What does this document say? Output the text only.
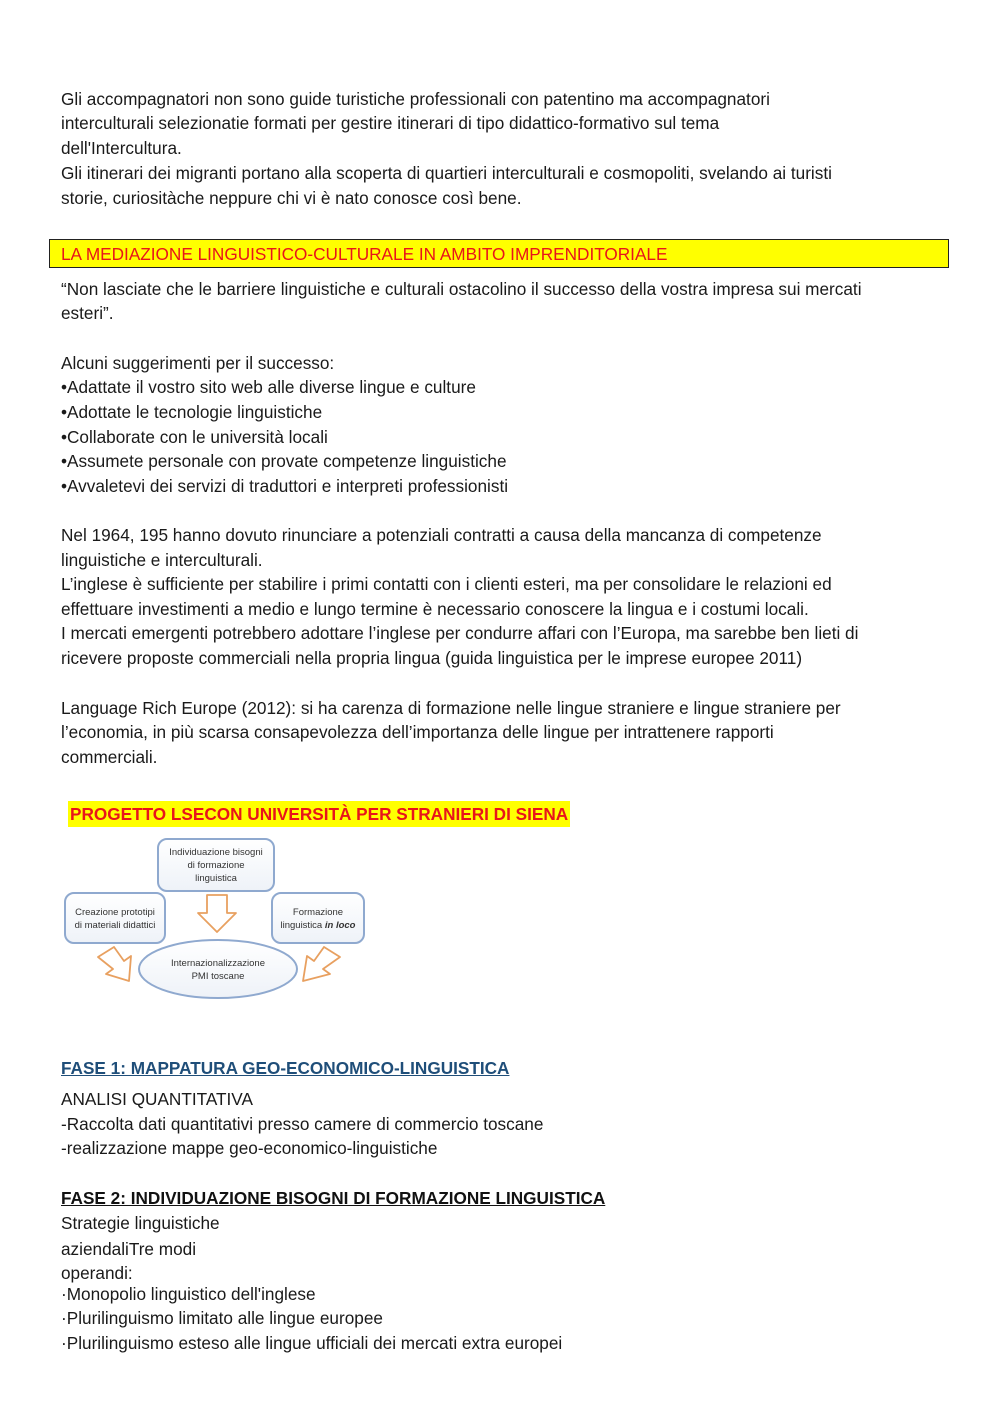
Gli accompagnatori non sono guide turistiche professionali con patentino ma accompagnatori
interculturali selezionatie formati per gestire itinerari di tipo didattico-formativo sul tema
dell'Intercultura.
Gli itinerari dei migranti portano alla scoperta di quartieri interculturali e cosmopoliti, svelando ai turisti
storie, curiositàche neppure chi vi è nato conosce così bene.
LA MEDIAZIONE LINGUISTICO-CULTURALE IN AMBITO IMPRENDITORIALE
“Non lasciate che le barriere linguistiche e culturali ostacolino il successo della vostra impresa sui mercati
esteri”.
Alcuni suggerimenti per il successo:
•Adattate il vostro sito web alle diverse lingue e culture
•Adottate le tecnologie linguistiche
•Collaborate con le università locali
•Assumete personale con provate competenze linguistiche
•Avvaletevi dei servizi di traduttori e interpreti professionisti
Nel 1964, 195 hanno dovuto rinunciare a potenziali contratti a causa della mancanza di competenze
linguistiche e interculturali.
L’inglese è sufficiente per stabilire i primi contatti con i clienti esteri, ma per consolidare le relazioni ed
effettuare investimenti a medio e lungo termine è necessario conoscere la lingua e i costumi locali.
I mercati emergenti potrebbero adottare l’inglese per condurre affari con l’Europa, ma sarebbe ben lieti di
ricevere proposte commerciali nella propria lingua (guida linguistica per le imprese europee 2011)
Language Rich Europe (2012): si ha carenza di formazione nelle lingue straniere e lingue straniere per
l’economia, in più scarsa consapevolezza dell’importanza delle lingue per intrattenere rapporti
commerciali.
PROGETTO LSECON UNIVERSITÀ PER STRANIERI DI SIENA
Individuazione bisogni
di formazione
linguistica
Creazione prototipi
di materiali didattici
Formazione
linguistica in loco
Internazionalizzazione
PMI toscane
FASE 1: MAPPATURA GEO-ECONOMICO-LINGUISTICA
ANALISI QUANTITATIVA
-Raccolta dati quantitativi presso camere di commercio toscane
-realizzazione mappe geo-economico-linguistiche
FASE 2: INDIVIDUAZIONE BISOGNI DI FORMAZIONE LINGUISTICA
Strategie linguistiche
aziendaliTre modi
operandi:
·Monopolio linguistico dell'inglese
·Plurilinguismo limitato alle lingue europee
·Plurilinguismo esteso alle lingue ufficiali dei mercati extra europei
